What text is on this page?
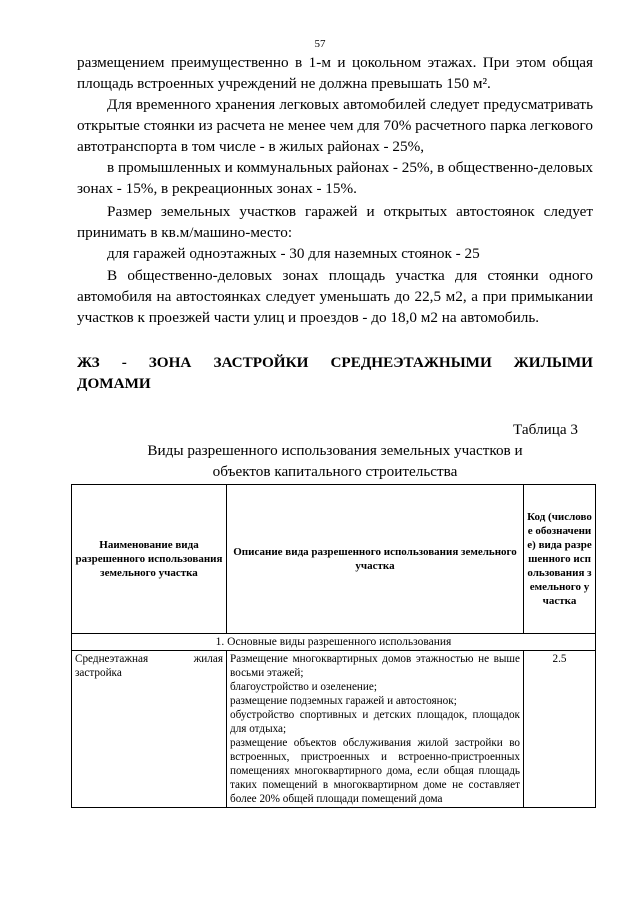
57

размещением преимущественно в 1-м и цокольном этажах. При этом общая площадь встроенных учреждений не должна превышать 150 м².

Для временного хранения легковых автомобилей следует предусматривать открытые стоянки из расчета не менее чем для 70% расчетного парка легкового автотранспорта в том числе - в жилых районах - 25%,

в промышленных и коммунальных районах - 25%, в общественно-деловых зонах - 15%, в рекреационных зонах - 15%.

Размер земельных участков гаражей и открытых автостоянок следует принимать в кв.м/машино-место:

для гаражей одноэтажных - 30 для наземных стоянок - 25

В общественно-деловых зонах площадь участка для стоянки одного автомобиля на автостоянках следует уменьшать до 22,5 м2, а при примыкании участков к проезжей части улиц и проездов - до 18,0 м2 на автомобиль.

ЖЗ - ЗОНА ЗАСТРОЙКИ СРЕДНЕЭТАЖНЫМИ ЖИЛЫМИ ДОМАМИ

Таблица 3
Виды разрешенного использования земельных участков и
объектов капитального строительства
Наименование вида разрешенного использования земельного участка	Описание вида разрешенного использования земельного участка	Код (числовое обозначение) вида разрешенного использования земельного участка
1. Основные виды разрешенного использования		
Среднеэтажная жилая застройка	Размещение многоквартирных домов этажностью не выше восьми этажей;
благоустройство и озеленение;
размещение подземных гаражей и автостоянок;
обустройство спортивных и детских площадок, площадок для отдыха;
размещение объектов обслуживания жилой застройки во встроенных, пристроенных и встроенно-пристроенных помещениях многоквартирного дома, если общая площадь таких помещений в многоквартирном доме не составляет более 20% общей площади помещений дома	2.5
